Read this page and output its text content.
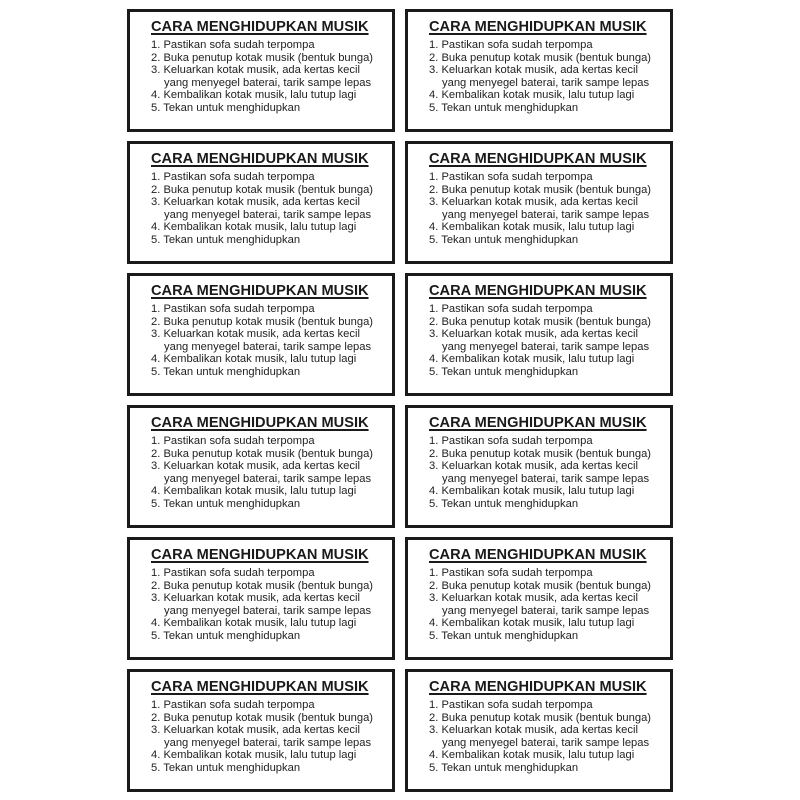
CARA MENGHIDUPKAN MUSIK
1. Pastikan sofa sudah terpompa
2. Buka penutup kotak musik (bentuk bunga)
3. Keluarkan kotak musik, ada kertas kecil
yang menyegel baterai, tarik sampe lepas
4. Kembalikan kotak musik, lalu tutup lagi
5. Tekan untuk menghidupkan
CARA MENGHIDUPKAN MUSIK
1. Pastikan sofa sudah terpompa
2. Buka penutup kotak musik (bentuk bunga)
3. Keluarkan kotak musik, ada kertas kecil
yang menyegel baterai, tarik sampe lepas
4. Kembalikan kotak musik, lalu tutup lagi
5. Tekan untuk menghidupkan
CARA MENGHIDUPKAN MUSIK
1. Pastikan sofa sudah terpompa
2. Buka penutup kotak musik (bentuk bunga)
3. Keluarkan kotak musik, ada kertas kecil
yang menyegel baterai, tarik sampe lepas
4. Kembalikan kotak musik, lalu tutup lagi
5. Tekan untuk menghidupkan
CARA MENGHIDUPKAN MUSIK
1. Pastikan sofa sudah terpompa
2. Buka penutup kotak musik (bentuk bunga)
3. Keluarkan kotak musik, ada kertas kecil
yang menyegel baterai, tarik sampe lepas
4. Kembalikan kotak musik, lalu tutup lagi
5. Tekan untuk menghidupkan
CARA MENGHIDUPKAN MUSIK
1. Pastikan sofa sudah terpompa
2. Buka penutup kotak musik (bentuk bunga)
3. Keluarkan kotak musik, ada kertas kecil
yang menyegel baterai, tarik sampe lepas
4. Kembalikan kotak musik, lalu tutup lagi
5. Tekan untuk menghidupkan
CARA MENGHIDUPKAN MUSIK
1. Pastikan sofa sudah terpompa
2. Buka penutup kotak musik (bentuk bunga)
3. Keluarkan kotak musik, ada kertas kecil
yang menyegel baterai, tarik sampe lepas
4. Kembalikan kotak musik, lalu tutup lagi
5. Tekan untuk menghidupkan
CARA MENGHIDUPKAN MUSIK
1. Pastikan sofa sudah terpompa
2. Buka penutup kotak musik (bentuk bunga)
3. Keluarkan kotak musik, ada kertas kecil
yang menyegel baterai, tarik sampe lepas
4. Kembalikan kotak musik, lalu tutup lagi
5. Tekan untuk menghidupkan
CARA MENGHIDUPKAN MUSIK
1. Pastikan sofa sudah terpompa
2. Buka penutup kotak musik (bentuk bunga)
3. Keluarkan kotak musik, ada kertas kecil
yang menyegel baterai, tarik sampe lepas
4. Kembalikan kotak musik, lalu tutup lagi
5. Tekan untuk menghidupkan
CARA MENGHIDUPKAN MUSIK
1. Pastikan sofa sudah terpompa
2. Buka penutup kotak musik (bentuk bunga)
3. Keluarkan kotak musik, ada kertas kecil
yang menyegel baterai, tarik sampe lepas
4. Kembalikan kotak musik, lalu tutup lagi
5. Tekan untuk menghidupkan
CARA MENGHIDUPKAN MUSIK
1. Pastikan sofa sudah terpompa
2. Buka penutup kotak musik (bentuk bunga)
3. Keluarkan kotak musik, ada kertas kecil
yang menyegel baterai, tarik sampe lepas
4. Kembalikan kotak musik, lalu tutup lagi
5. Tekan untuk menghidupkan
CARA MENGHIDUPKAN MUSIK
1. Pastikan sofa sudah terpompa
2. Buka penutup kotak musik (bentuk bunga)
3. Keluarkan kotak musik, ada kertas kecil
yang menyegel baterai, tarik sampe lepas
4. Kembalikan kotak musik, lalu tutup lagi
5. Tekan untuk menghidupkan
CARA MENGHIDUPKAN MUSIK
1. Pastikan sofa sudah terpompa
2. Buka penutup kotak musik (bentuk bunga)
3. Keluarkan kotak musik, ada kertas kecil
yang menyegel baterai, tarik sampe lepas
4. Kembalikan kotak musik, lalu tutup lagi
5. Tekan untuk menghidupkan
